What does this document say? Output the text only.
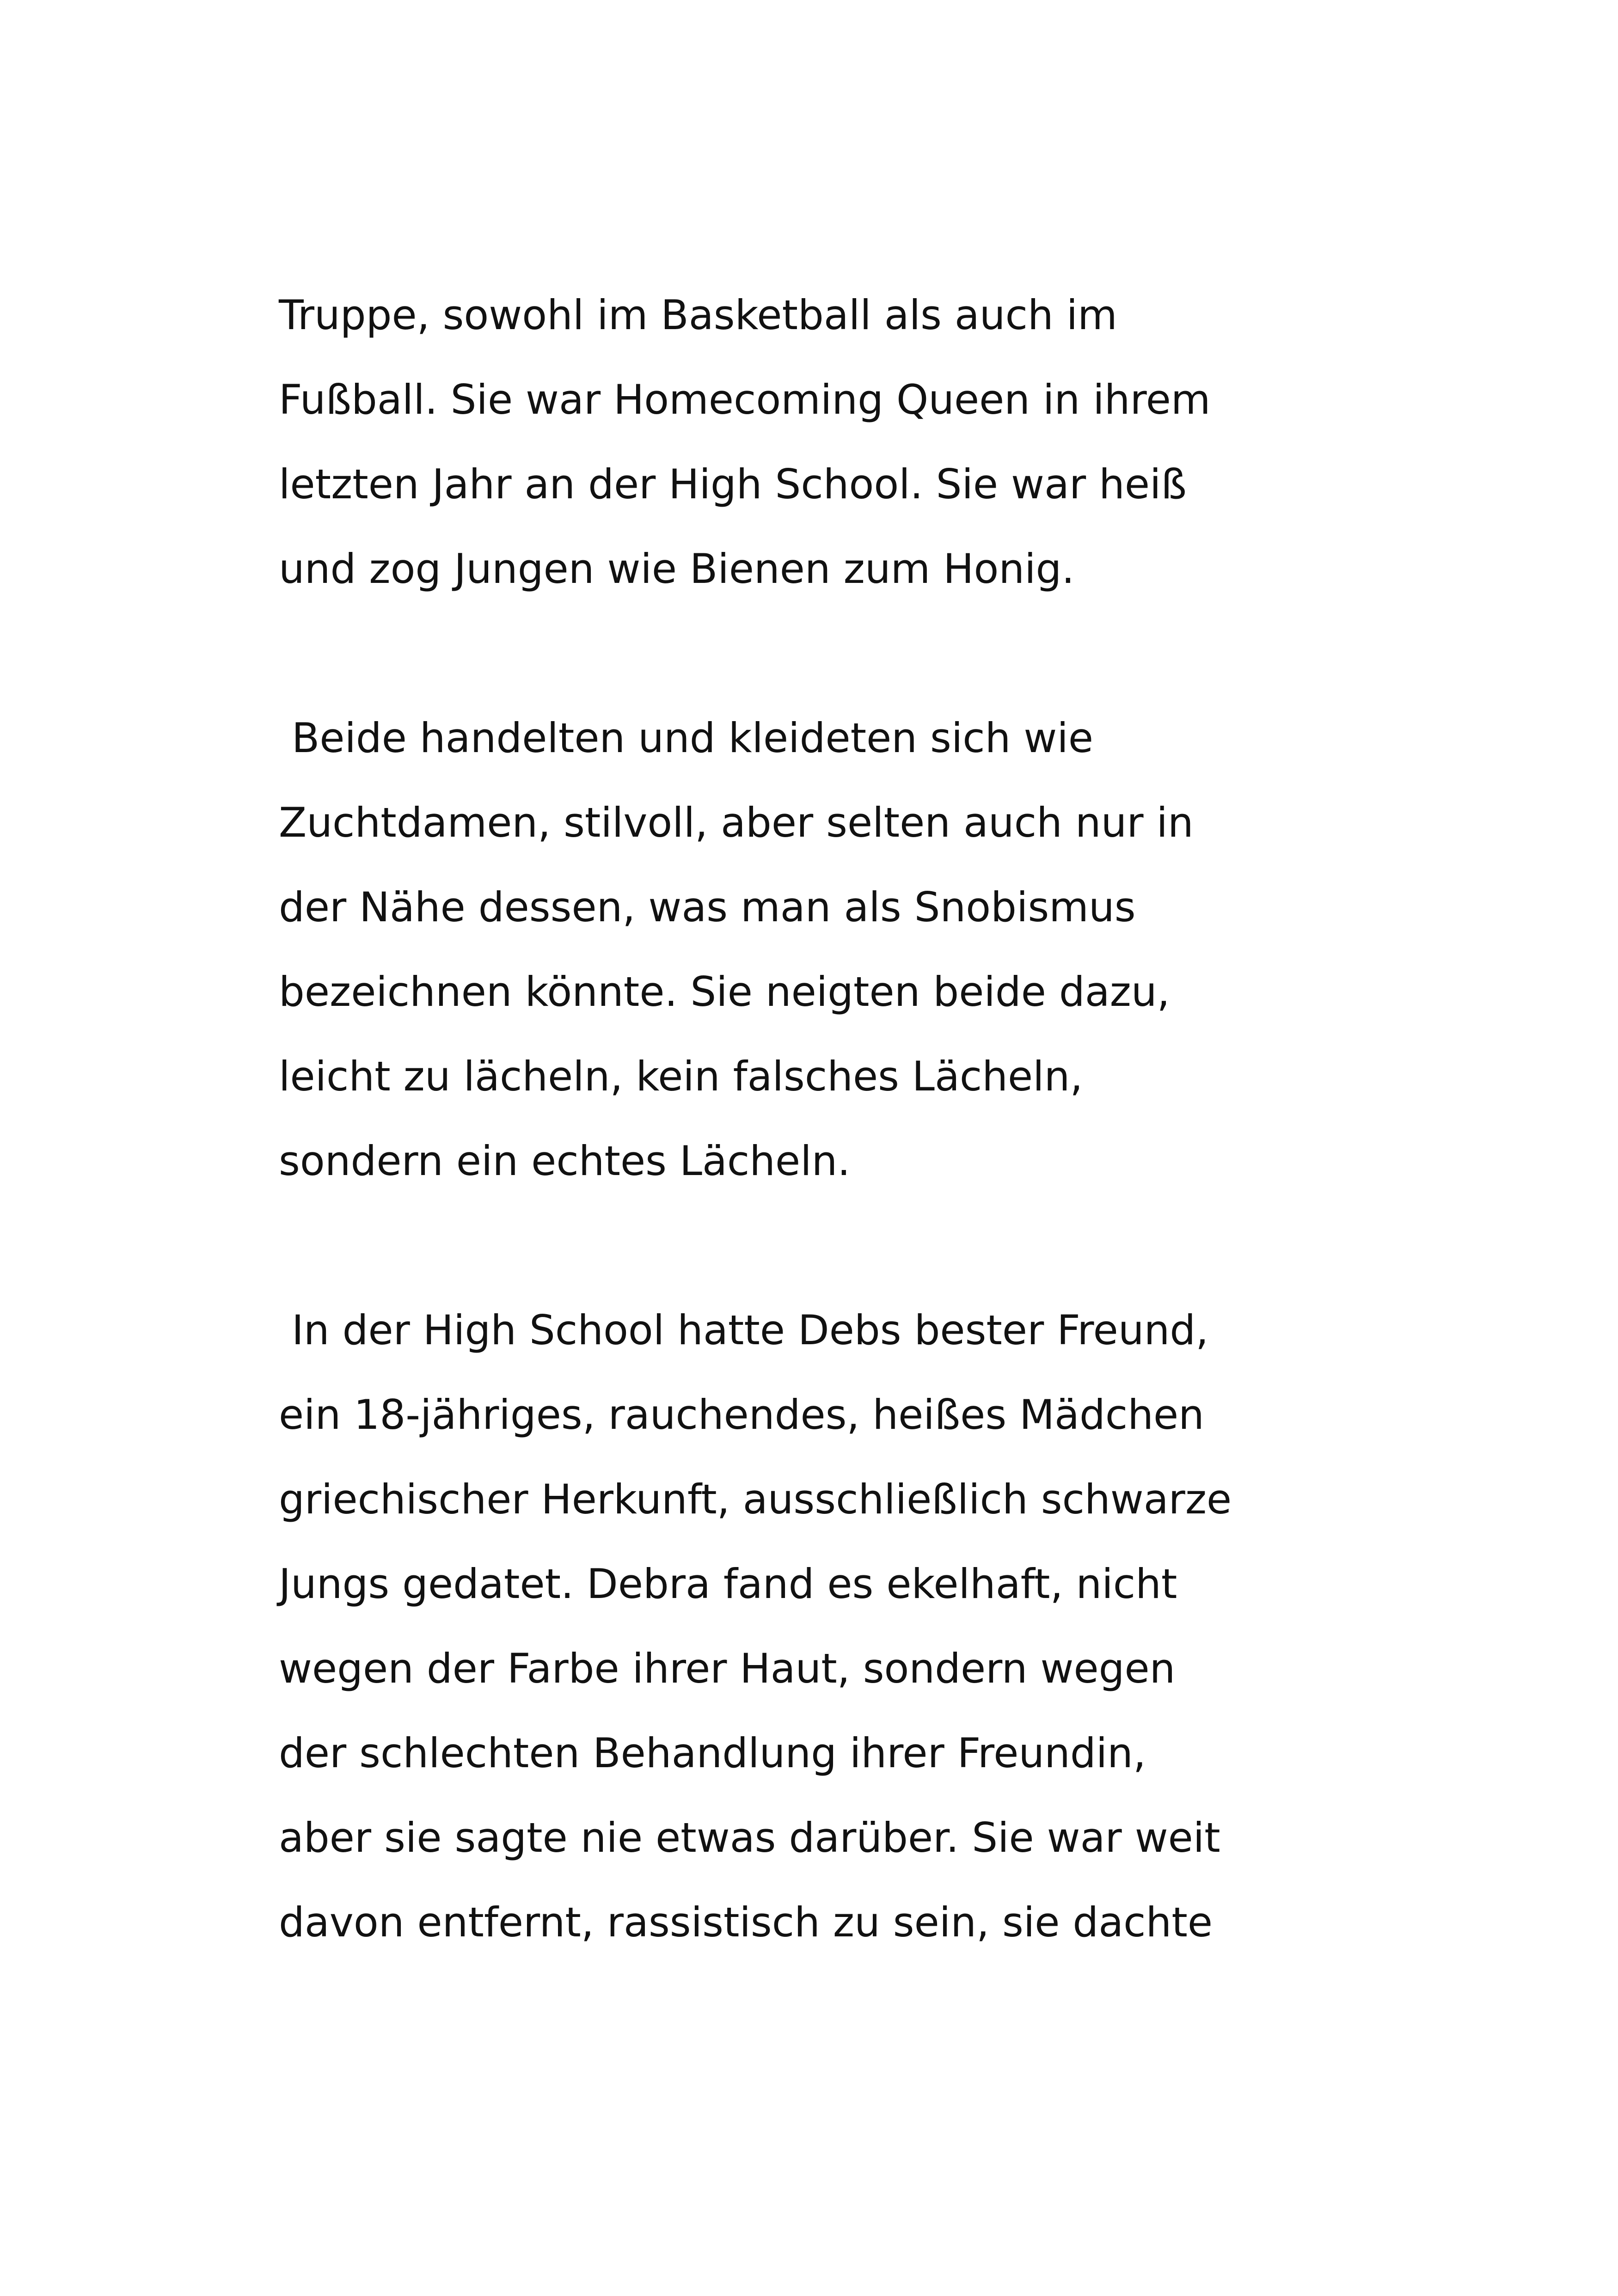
Truppe, sowohl im Basketball als auch im
Fußball. Sie war Homecoming Queen in ihrem
letzten Jahr an der High School. Sie war heiß
und zog Jungen wie Bienen zum Honig.

Beide handelten und kleideten sich wie
Zuchtdamen, stilvoll, aber selten auch nur in
der Nähe dessen, was man als Snobismus
bezeichnen könnte. Sie neigten beide dazu,
leicht zu lächeln, kein falsches Lächeln,
sondern ein echtes Lächeln.

In der High School hatte Debs bester Freund,
ein 18-jähriges, rauchendes, heißes Mädchen
griechischer Herkunft, ausschließlich schwarze
Jungs gedatet. Debra fand es ekelhaft, nicht
wegen der Farbe ihrer Haut, sondern wegen
der schlechten Behandlung ihrer Freundin,
aber sie sagte nie etwas darüber. Sie war weit
davon entfernt, rassistisch zu sein, sie dachte
